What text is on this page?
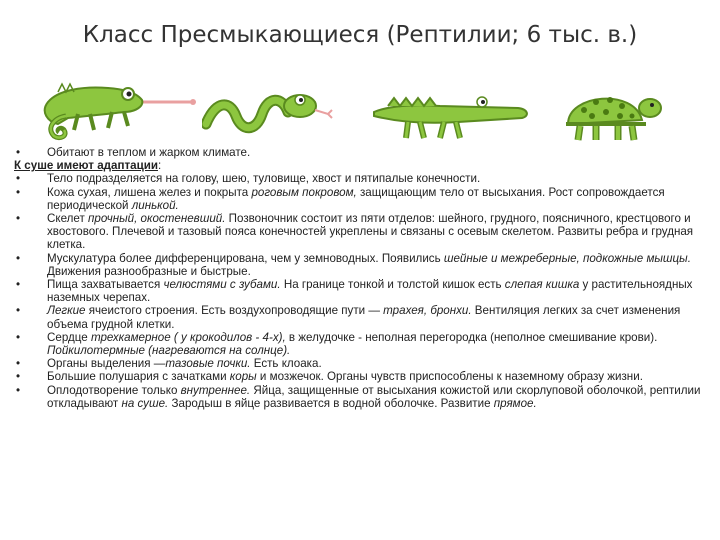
Класс Пресмыкающиеся (Рептилии; 6 тыс. в.)
•	Обитают в теплом и жарком климате.
К суше имеют адаптации:
•	Тело подразделяется на голову, шею, туловище, хвост и пятипалые конечности.
•	Кожа сухая, лишена желез и покрыта роговым покровом, защищающим тело от высыхания. Рост сопровождается периодической линькой.
•	Скелет прочный, окостеневший. Позвоночник состоит из пяти отделов: шейного, грудного, поясничного, крестцового и хвостового. Плечевой и тазовый пояса конечностей укреплены и связаны с осевым скелетом. Развиты ребра и грудная клетка.
•	Мускулатура более дифференцирована, чем у земноводных. Появились шейные и межреберные, подкожные мышцы. Движения разнообразные и быстрые.
•	Пища захватывается челюстями с зубами. На границе тонкой и толстой кишок есть слепая кишка у растительноядных наземных черепах.
•	Легкие ячеистого строения. Есть воздухопроводящие пути — трахея, бронхи. Вентиляция легких за счет изменения объема грудной клетки.
•	Сердце трехкамерное ( у крокодилов - 4-х), в желудочке - неполная перегородка (неполное смешивание крови). Пойкилотермные (нагреваются на солнце).
•	Органы выделения —тазовые почки. Есть клоака.
•	Большие полушария с зачатками коры и мозжечок. Органы чувств приспособлены к наземному образу жизни.
•	Оплодотворение только внутреннее. Яйца, защищенные от высыхания кожистой или скорлуповой оболочкой, рептилии откладывают на суше. Зародыш в яйце развивается в водной оболочке. Развитие прямое.
